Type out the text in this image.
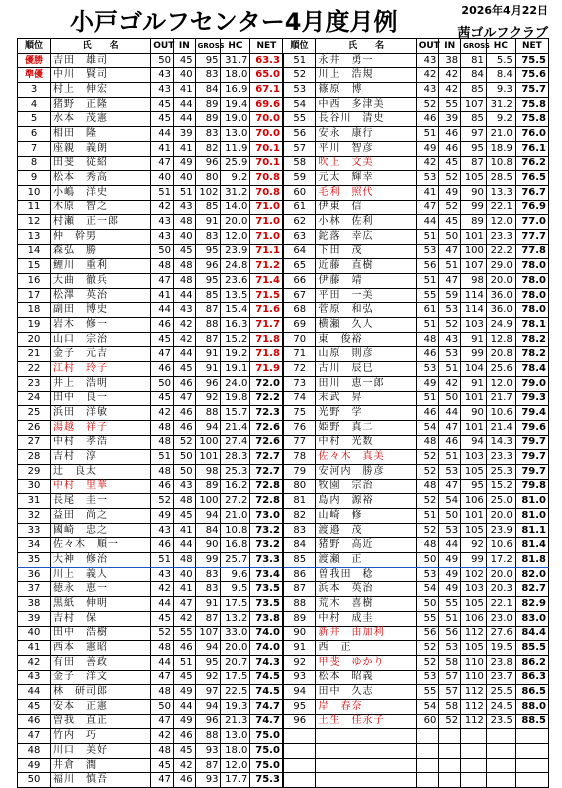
小戸ゴルフセンター4月度月例	2026年4月22日
茜ゴルフクラブ
順位	氏　　名	OUT	IN	GROSS	HC	NET	順位	氏　　名	OUT	IN	GROSS	HC	NET
優勝	吉田　雄司	50	45	95	31.7	63.3	51	永井　勇一	43	38	81	5.5	75.5
準優	中川　賢司	43	40	83	18.0	65.0	52	川上　浩規	42	42	84	8.4	75.6
3	村上　伸宏	43	41	84	16.9	67.1	53	篠原　博	43	42	85	9.3	75.7
4	猪野　正隆	45	44	89	19.4	69.6	54	中西　多津美	52	55	107	31.2	75.8
5	水本　茂憲	45	44	89	19.0	70.0	55	長谷川　清史	46	39	85	9.2	75.8
6	相田　隆	44	39	83	13.0	70.0	56	安永　康行	51	46	97	21.0	76.0
7	座親　義朗	41	41	82	11.9	70.1	57	平川　智彦	49	46	95	18.9	76.1
8	田斐　従紹	47	49	96	25.9	70.1	58	吹上　文美	42	45	87	10.8	76.2
9	松本　秀高	40	40	80	9.2	70.8	59	元太　輝幸	53	52	105	28.5	76.5
10	小嶋　洋史	51	51	102	31.2	70.8	60	毛利　照代	41	49	90	13.3	76.7
11	木原　智之	42	43	85	14.0	71.0	61	伊東　信	47	52	99	22.1	76.9
12	村瀬　正一郎	43	48	91	20.0	71.0	62	小林　佐利	44	45	89	12.0	77.0
13	仲　幹男	43	40	83	12.0	71.0	63	鉈落　幸広	51	50	101	23.3	77.7
14	森弘　勝	50	45	95	23.9	71.1	64	下田　茂	53	47	100	22.2	77.8
15	鯉川　重利	48	48	96	24.8	71.2	65	近藤　直樹	56	51	107	29.0	78.0
16	大曲　徹兵	47	48	95	23.6	71.4	66	伊藤　靖	51	47	98	20.0	78.0
17	松澤　英治	41	44	85	13.5	71.5	67	平田　一美	55	59	114	36.0	78.0
18	副田　博史	44	43	87	15.4	71.6	68	菅原　和弘	61	53	114	36.0	78.0
19	岩木　修一	46	42	88	16.3	71.7	69	横瀬　久人	51	52	103	24.9	78.1
20	山口　宗治	45	42	87	15.2	71.8	70	東　俊裕	48	43	91	12.8	78.2
21	金子　元吉	47	44	91	19.2	71.8	71	山原　則彦	46	53	99	20.8	78.2
22	江村　玲子	46	45	91	19.1	71.9	72	古川　辰巳	53	51	104	25.6	78.4
23	井上　浩明	50	46	96	24.0	72.0	73	田川　恵一郎	49	42	91	12.0	79.0
24	田中　良一	45	47	92	19.8	72.2	74	末武　昇	51	50	101	21.7	79.3
25	浜田　洋敏	42	46	88	15.7	72.3	75	光野　学	46	44	90	10.6	79.4
26	湯越　祥子	48	46	94	21.4	72.6	76	姫野　真二	54	47	101	21.4	79.6
27	中村　孝浩	48	52	100	27.4	72.6	77	中村　光数	48	46	94	14.3	79.7
28	吉村　淳	51	50	101	28.3	72.7	78	佐々木　真美	52	51	103	23.3	79.7
29	辻　良太	48	50	98	25.3	72.7	79	安河内　勝彦	52	53	105	25.3	79.7
30	中村　里華	46	43	89	16.2	72.8	80	牧園　宗治	48	47	95	15.2	79.8
31	長尾　圭一	52	48	100	27.2	72.8	81	島内　源裕	52	54	106	25.0	81.0
32	益田　尚之	49	45	94	21.0	73.0	82	山崎　修	51	50	101	20.0	81.0
33	國崎　忠之	43	41	84	10.8	73.2	83	渡邉　茂	52	53	105	23.9	81.1
34	佐々木　順一	46	44	90	16.8	73.2	84	猪野　高近	48	44	92	10.6	81.4
35	大神　修治	51	48	99	25.7	73.3	85	渡瀬　正	50	49	99	17.2	81.8
36	川上　義人	43	40	83	9.6	73.4	86	曽我田　稔	53	49	102	20.0	82.0
37	徳永　恵一	42	41	83	9.5	73.5	87	浜本　英治	54	49	103	20.3	82.7
38	黒紙　伸明	44	47	91	17.5	73.5	88	荒木　喜樹	50	55	105	22.1	82.9
39	吉村　保	45	42	87	13.2	73.8	89	中村　成圭	55	51	106	23.0	83.0
40	田中　浩樹	52	55	107	33.0	74.0	90	新井　由加利	56	56	112	27.6	84.4
41	西本　憲昭	48	46	94	20.0	74.0	91	西　正	52	53	105	19.5	85.5
42	有田　善政	44	51	95	20.7	74.3	92	甲斐　ゆかり	52	58	110	23.8	86.2
43	金子　洋文	47	45	92	17.5	74.5	93	松本　昭義	53	57	110	23.7	86.3
44	林　研司郎	48	49	97	22.5	74.5	94	田中　久志	55	57	112	25.5	86.5
45	安本　正憲	50	44	94	19.3	74.7	95	岸　春奈	54	58	112	24.5	88.0
46	曽我　直正	47	49	96	21.3	74.7	96	土生　佳永子	60	52	112	23.5	88.5
47	竹内　巧	42	46	88	13.0	75.0							
48	川口　美好	48	45	93	18.0	75.0							
49	井倉　潤	45	42	87	12.0	75.0							
50	福川　慎吾	47	46	93	17.7	75.3							
